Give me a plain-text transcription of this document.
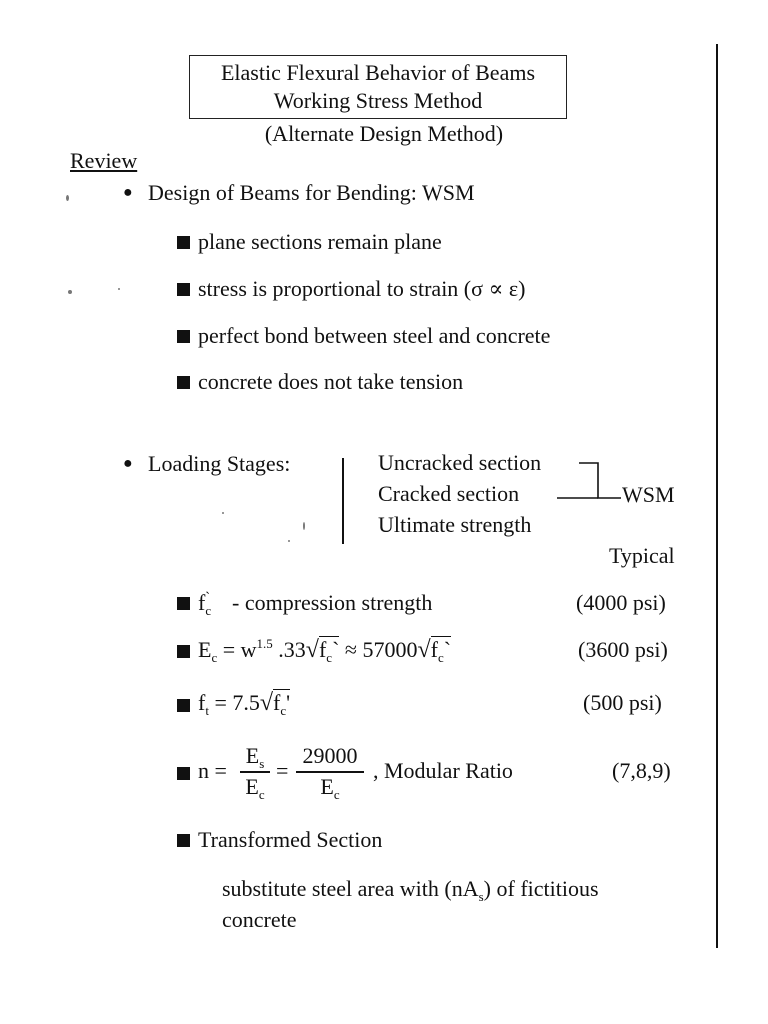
Elastic Flexural Behavior of Beams
Working Stress Method
(Alternate Design Method)
Review
● Design of Beams for Bending: WSM
plane sections remain plane
stress is proportional to strain (σ ∝ ε)
perfect bond between steel and concrete
concrete does not take tension
● Loading Stages:	Uncracked section
Cracked section
Ultimate strength
WSM
Typical
$f_c^`$ - compression strength	(4000 psi)
$E_c = w^{1.5}$ $.33√f_c`$ ≈ $57000√f_c`$	(3600 psi)
$f_t = 7.5√f_c'$	(500 psi)
n =
$E_s$
$E_c$
=
29000
$E_c$
, Modular Ratio	(7,8,9)
Transformed Section
substitute steel area with $(nA_s)$ of fictitious
concrete
